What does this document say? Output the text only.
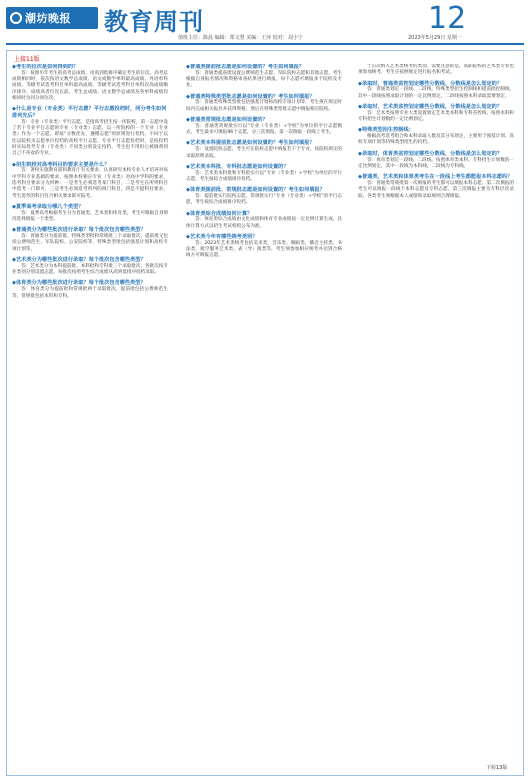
潮坊晚报 教育周刊	12
值班主任：陈晨 编辑：郑文慧 美编：王萍 校对：刘小宁	2023年5月29日 星期一
上接11版
◆考生的位次是如何得到的？
答：按照历年考生的高考总成绩，由高到低排序确定考生的位次。高考总成绩相同时，依次按语文数学总成绩、语文或数学单科最高成绩、外语单科成绩、等级考试选考科目单科最高成绩、等级考试选考科目单科次高成绩顺序排序，成绩高者位次在前。考生总成绩、语文数学总成绩及各单科成绩均相同时为同分同位次。
◆什么是专业（专业类）平行志愿？平行志愿投档时，同分考生如何排列先后？
答：专业（专业类）平行志愿，是指高考招生按一所院校，第一志愿中设了若干专业平行志愿的专业（专业类）志愿，以一所院校的一个专业（专业类）作为一个志愿，即按“分数优先、遵循志愿”的原则进行投档。不同于以往以院校为志愿单位投档的高校平行志愿，专业平行志愿投档时，是按投档时实际投考专业（专业类）不同类分别设定投档，考生也不用担心被调剂到自己不喜欢的专业。
◆招生院校对高考科目的要求主要是什么？
答：著权实施教育部和教育厅有关要求，认真研究本校专业人才培养对高中学科专业基础的要求，按照本校相应专业（专业类）对高中学科的要求，选考科目要求分为四种：一是考生必须选考某门科目，二是考生在所列科目中选考一门即可，三是考生必须选考所列的两门科目，四是不提科目要求，考生选考的科目符合相关要求即可报考。
◆夏季高考录取分哪几个类型？
答：夏季高考根据考生分为普通类、艺术类和体育类。考生可根据自身情况选择填报一个类型。
◆普通类分为哪些批次进行录取？每个批次包含哪些类型？
答：普通类分为提前批、特殊类型批和常规批三个录取批次，提前批又包括公费师范生、军队院校、公安院校等，特殊类型批包括强基计划和高校专项计划等。
◆艺术类分为哪些批次进行录取？每个批次包含哪些类型？
答：艺术类分为本科提前批、本科批和专科批三个录取批次，各批次按专业类别分别设置志愿，每批次按照考生综合成绩从高到低排序投档录取。
◆体育类分为哪些批次进行录取？每个批次包含哪些类型？
答：体育类分为提前批和常规批两个录取批次，提前批包括公费师范生等，常规批包括本科和专科。
◆普通类提前批志愿是如何设置的？考生如何填报？
答：普通类提前批设置公费师范生志愿、军队院校志愿和其他志愿，考生根据自身报名情况和资格审查结果进行填报，每个志愿可填报多个院校及专业。
◆普通类特殊类型批志愿是如何设置的？考生如何填报？
答：普通类特殊类型批包括强基计划和高校专项计划等，考生须在规定时间内完成相关报名并获得资格，然后在特殊类型批志愿中填报相应院校。
◆普通类常规批志愿是如何设置的？
答：普通类常规批实行以“专业（专业类）+学校”为单位的平行志愿模式，考生最多可填报96个志愿，分三次填报，第一次填报一段线上考生。
◆艺术类本科提前批志愿是如何设置的？考生如何填报？
答：设置院校志愿，考生可在院校志愿中填报若干个专业，按院校规定的录取原则录取。
◆艺术类本科批、专科批志愿是如何设置的？
答：艺术类本科批和专科批实行以“专业（专业类）+学校”为单位的平行志愿，考生按综合成绩排序投档。
◆体育类提前批、常规批志愿是如何设置的？考生如何填报？
答：提前批实行院校志愿，常规批实行“专业（专业类）+学校”的平行志愿，考生按综合成绩排序投档。
◆体育类综合成绩如何计算？
答：体育类综合成绩由文化成绩和体育专业成绩按一定比例计算生成，具体计算方式以招生考试机构公布为准。
◆艺术类今年有哪些统考类别？
答：2023年艺术类统考包括美术类、音乐类、舞蹈类、播音主持类、书法类、航空服务艺术类、表（导）演类等，考生须参加相应统考并达到合格线方可填报志愿。
于首次纳入艺术类统考的类别，需要注意的是，高职院校的艺术类专业也须参加统考，考生应按照规定进行报名和考试。
◆录取时，普通类省控划定哪些分数线，分数线是怎么划定的？
答：普通类划定一段线、二段线，特殊类型招生控制线和提前批控制线，其中一段线按照录取计划的一定比例划定，二段线按照本科录取需要划定。
◆录取时，艺术类省控划定哪些分数线，分数线是怎么划定的？
答：艺术类按照专业大类设置划定艺术类本科和专科省控线，按照本科和专科招生计划数的一定比例划定。
◆特殊类型招生控制线：
根据高考选考组合和本科录取人数及其分布划定，主要用于强基计划、高校专项计划等特殊类型招生的投档。
◆录取时，体育类省控划定哪些分数线，分数线是怎么划定的？
答：体育类划定一段线、二段线，按照体育类本科、专科招生计划数的一定比例划定，其中一段线为本科线，二段线为专科线。
◆普通类、艺术类和体育类考生在一段线上考生都能报本科志愿吗？
答：普通类常规批第一次填报的考生都可以填报本科志愿，第二次填报的考生可以填报一段线下本科志愿及专科志愿，第三次填报主要为专科层次录取。各类考生须根据本人成绩和录取规则合理填报。
下转13版
